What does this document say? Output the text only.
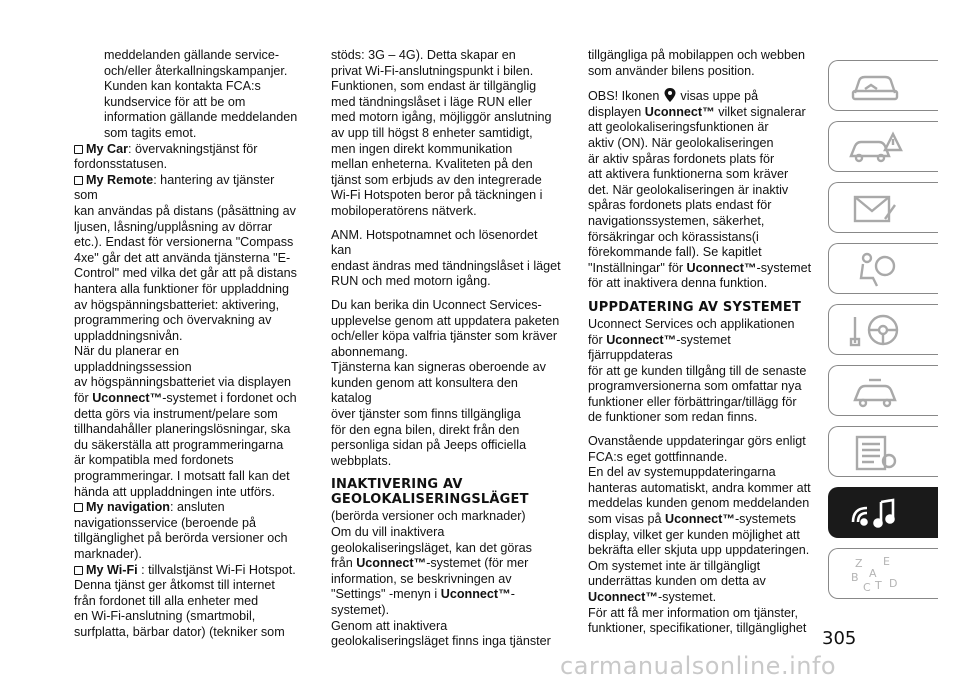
meddelanden gällande service-

och/eller återkallningskampanjer.

Kunden kan kontakta FCA:s

kundservice för att be om

information gällande meddelanden

som tagits emot.

My Car: övervakningstjänst för

fordonsstatusen.

My Remote: hantering av tjänster som

kan användas på distans (påsättning av

ljusen, låsning/upplåsning av dörrar

etc.). Endast för versionerna "Compass

4xe" går det att använda tjänsterna "E-

Control" med vilka det går att på distans

hantera alla funktioner för uppladdning

av högspänningsbatteriet: aktivering,

programmering och övervakning av

uppladdningsnivån.

När du planerar en uppladdningssession

av högspänningsbatteriet via displayen

för Uconnect™-systemet i fordonet och

detta görs via instrument/pelare som

tillhandahåller planeringslösningar, ska

du säkerställa att programmeringarna

är kompatibla med fordonets

programmeringar. I motsatt fall kan det

hända att uppladdningen inte utförs.

My navigation: ansluten

navigationsservice (beroende på

tillgänglighet på berörda versioner och

marknader).

My Wi-Fi : tillvalstjänst Wi-Fi Hotspot.

Denna tjänst ger åtkomst till internet

från fordonet till alla enheter med

en Wi-Fi-anslutning (smartmobil,

surfplatta, bärbar dator) (tekniker som

stöds: 3G – 4G). Detta skapar en

privat Wi-Fi-anslutningspunkt i bilen.

Funktionen, som endast är tillgänglig

med tändningslåset i läge RUN eller

med motorn igång, möjliggör anslutning

av upp till högst 8 enheter samtidigt,

men ingen direkt kommunikation

mellan enheterna. Kvaliteten på den

tjänst som erbjuds av den integrerade

Wi-Fi Hotspoten beror på täckningen i

mobiloperatörens nätverk.

ANM. Hotspotnamnet och lösenordet kan

endast ändras med tändningslåset i läget

RUN och med motorn igång.

Du kan berika din Uconnect Services-

upplevelse genom att uppdatera paketen

och/eller köpa valfria tjänster som kräver

abonnemang.

Tjänsterna kan signeras oberoende av

kunden genom att konsultera den katalog

över tjänster som finns tillgängliga

för den egna bilen, direkt från den

personliga sidan på Jeeps officiella

webbplats.

INAKTIVERING AV
GEOLOKALISERINGSLÄGET

(berörda versioner och marknader)

Om du vill inaktivera

geolokaliseringsläget, kan det göras

från Uconnect™-systemet (för mer

information, se beskrivningen av

"Settings" -menyn i Uconnect™-

systemet).

Genom att inaktivera

geolokaliseringsläget finns inga tjänster

tillgängliga på mobilappen och webben

som använder bilens position.

OBS! Ikonen  visas uppe på

displayen Uconnect™ vilket signalerar

att geolokaliseringsfunktionen är

aktiv (ON). När geolokaliseringen

är aktiv spåras fordonets plats för

att aktivera funktionerna som kräver

det. När geolokaliseringen är inaktiv

spåras fordonets plats endast för

navigationssystemen, säkerhet,

försäkringar och körassistans(i

förekommande fall). Se kapitlet

"Inställningar" för Uconnect™-systemet

för att inaktivera denna funktion.

UPPDATERING AV SYSTEMET

Uconnect Services och applikationen

för Uconnect™-systemet fjärruppdateras

för att ge kunden tillgång till de senaste

programversionerna som omfattar nya

funktioner eller förbättringar/tillägg för

de funktioner som redan finns.

Ovanstående uppdateringar görs enligt

FCA:s eget gottfinnande.

En del av systemuppdateringarna

hanteras automatiskt, andra kommer att

meddelas kunden genom meddelanden

som visas på Uconnect™-systemets

display, vilket ger kunden möjlighet att

bekräfta eller skjuta upp uppdateringen.

Om systemet inte är tillgängligt

underrättas kunden om detta av

Uconnect™-systemet.

För att få mer information om tjänster,

funktioner, specifikationer, tillgänglighet

Z E
B A
C T D
305
carmanualsonline.info
